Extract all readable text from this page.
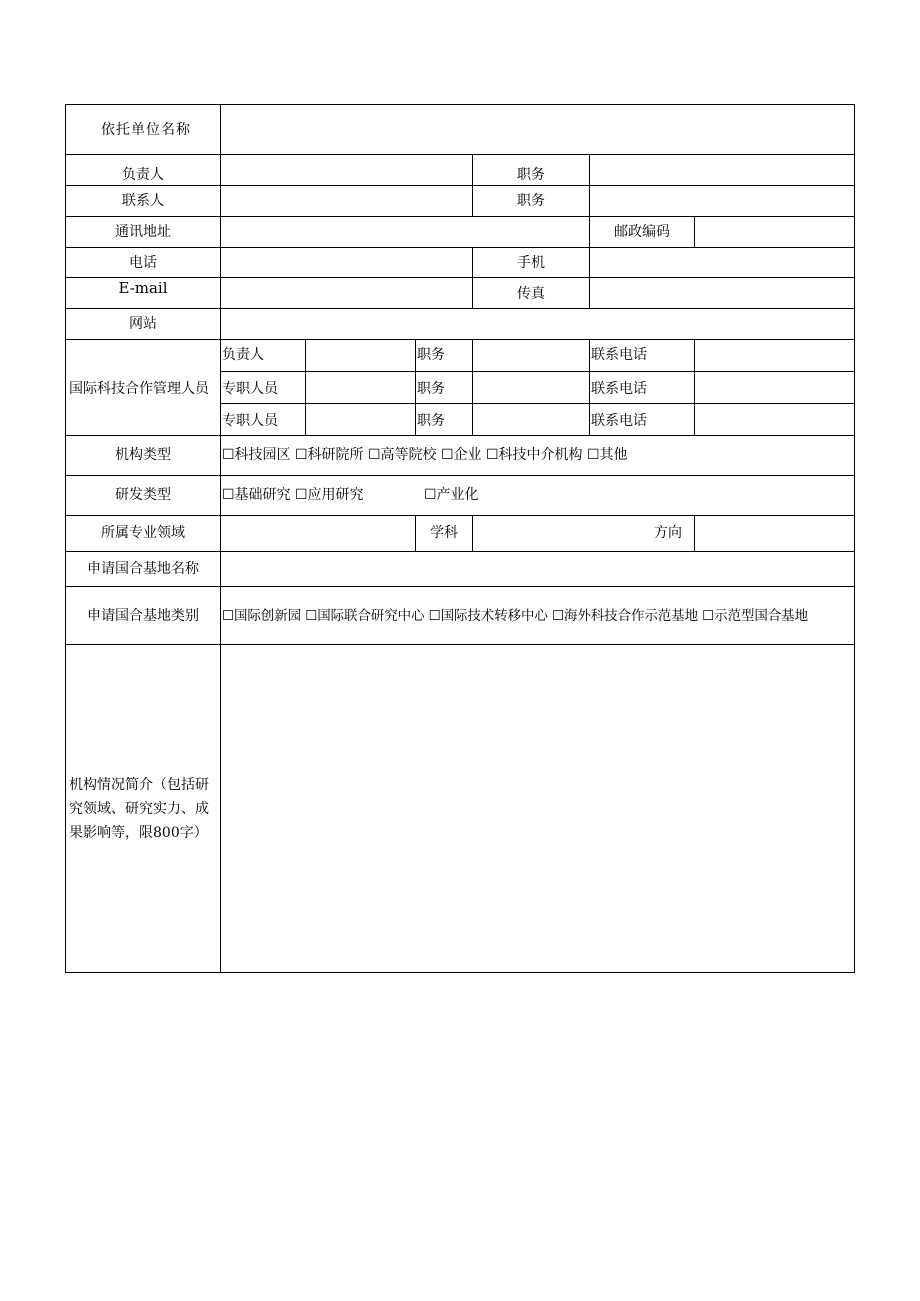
依托单位名称
负责人	职务
联系人	职务
通讯地址	邮政编码
电话	手机
E-mail	传真
网站
国际科技合作管理人员
负责人	职务	联系电话
专职人员	职务	联系电话
专职人员	职务	联系电话
机构类型	☐科技园区 ☐科研院所 ☐高等院校 ☐企业 ☐科技中介机构 ☐其他
研发类型	☐基础研究 ☐应用研究	☐产业化
所属专业领域	学科	方向
申请国合基地名称
申请国合基地类别	☐国际创新园 ☐国际联合研究中心 ☐国际技术转移中心 ☐海外科技合作示范基地 ☐示范型国合基地
机构情况简介（包括研究领域、研究实力、成果影响等，限800字）
